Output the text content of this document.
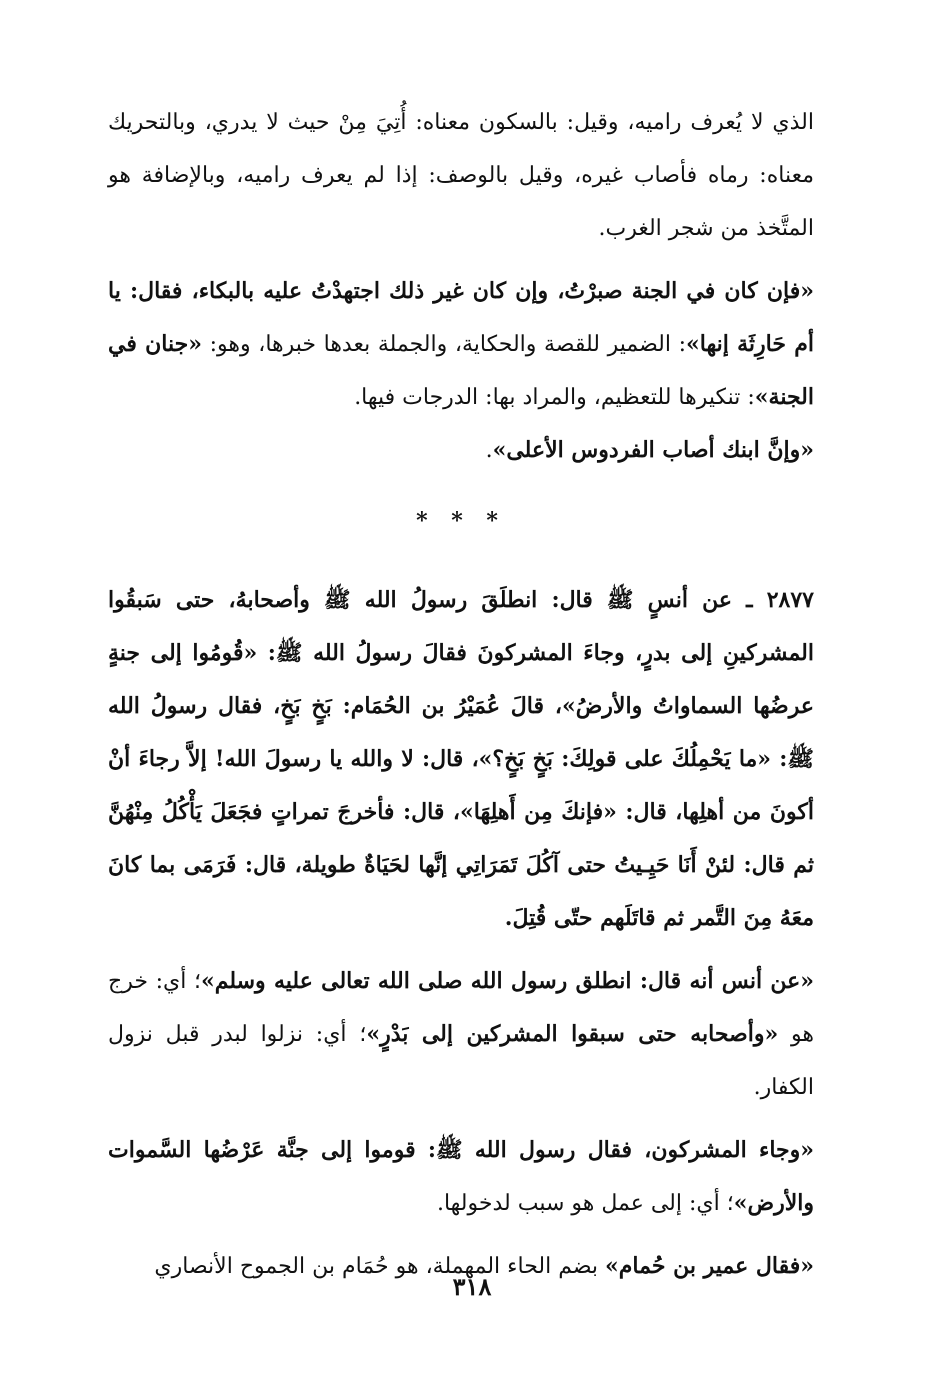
الذي لا يُعرف راميه، وقيل: بالسكون معناه: أُتِيَ مِنْ حيث لا يدري، وبالتحريك معناه: رماه فأصاب غيره، وقيل بالوصف: إذا لم يعرف راميه، وبالإضافة هو المتَّخذ من شجر الغرب.

«فإن كان في الجنة صبرْتُ، وإن كان غير ذلك اجتهدْتُ عليه بالبكاء، فقال: يا أم حَارِثَة إنها»: الضمير للقصة والحكاية، والجملة بعدها خبرها، وهو: «جنان في الجنة»: تنكيرها للتعظيم، والمراد بها: الدرجات فيها.

«وإنَّ ابنك أصاب الفردوس الأعلى».

* * *

٢٨٧٧ ـ عن أنسٍ ﷺ قال: انطلَقَ رسولُ الله ﷺ وأصحابهُ، حتى سَبقُوا المشركينِ إلى بدرٍ، وجاءَ المشركونَ فقالَ رسولُ الله ﷺ: «قُومُوا إلى جنةٍ عرضُها السماواتُ والأرضُ»، قالَ عُمَيْرُ بن الحُمَام: بَخٍ بَخٍ، فقال رسولُ الله ﷺ: «ما يَحْمِلُكَ على قولِكَ: بَخٍ بَخٍ؟»، قال: لا والله يا رسولَ الله! إلاَّ رجاءَ أنْ أكونَ من أهلِها، قال: «فإنكَ مِن أَهلِهَا»، قال: فأخرجَ تمراتٍ فجَعَلَ يَأْكُلُ مِنْهُنَّ ثم قال: لئنْ أَنَا حَيِـيتُ حتى آكُلَ تَمَرَاتِي إنَّها لحَيَاةٌ طويلة، قال: فَرَمَى بما كانَ معَهُ مِنَ التَّمر ثم قاتَلَهم حتّى قُتِلَ.

«عن أنس أنه قال: انطلق رسول الله صلى الله تعالى عليه وسلم»؛ أي: خرج هو «وأصحابه حتى سبقوا المشركين إلى بَدْرٍ»؛ أي: نزلوا لبدر قبل نزول الكفار.

«وجاء المشركون، فقال رسول الله ﷺ: قوموا إلى جنَّة عَرْضُها السَّموات والأرض»؛ أي: إلى عمل هو سبب لدخولها.

«فقال عمير بن حُمام» بضم الحاء المهملة، هو حُمَام بن الجموح الأنصاري

٣١٨
